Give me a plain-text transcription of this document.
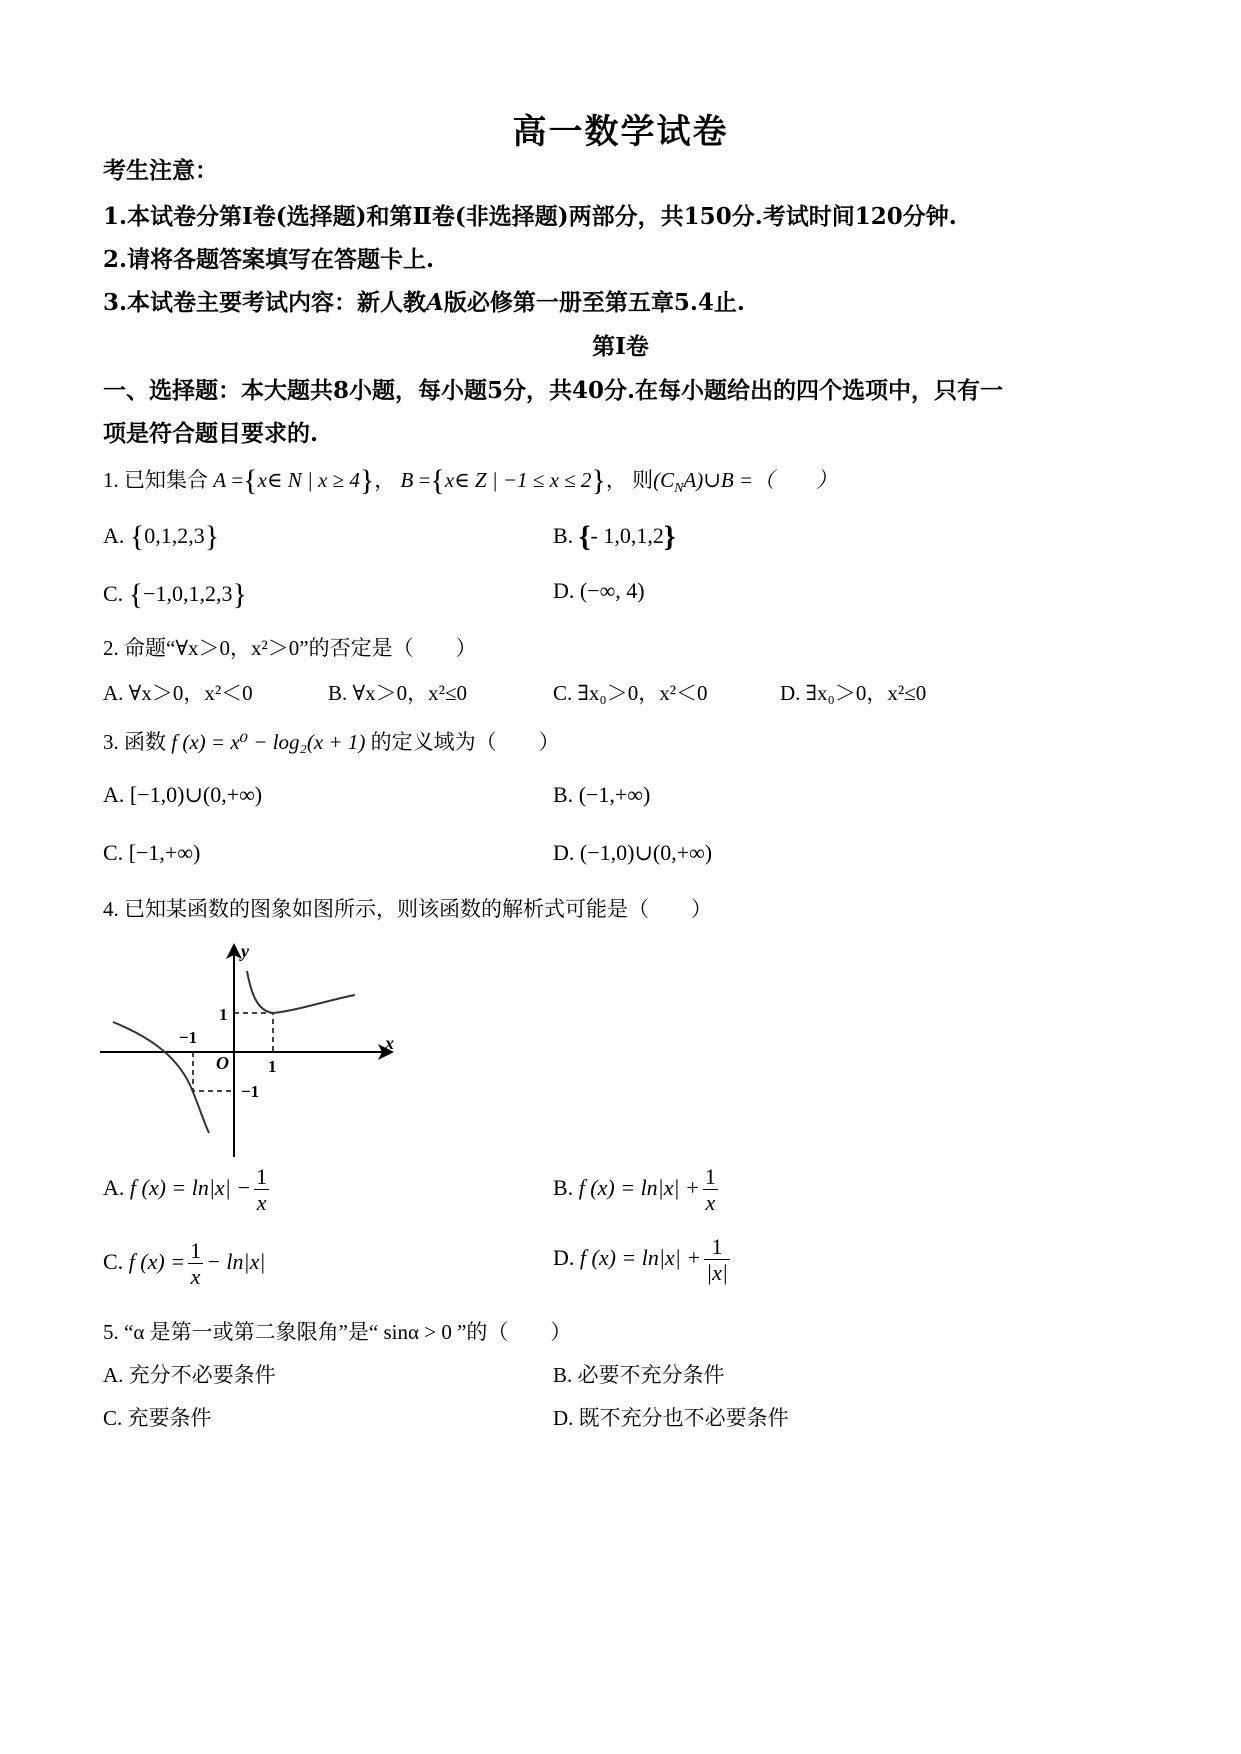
高一数学试卷
考生注意：
1.本试卷分第Ⅰ卷(选择题)和第Ⅱ卷(非选择题)两部分，共150分.考试时间120分钟.
2.请将各题答案填写在答题卡上.
3.本试卷主要考试内容：新人教A版必修第一册至第五章5.4止.
第Ⅰ卷
一、选择题：本大题共8小题，每小题5分，共40分.在每小题给出的四个选项中，只有一
项是符合题目要求的.
1. 已知集合 A ={x∈ N | x ≥ 4}， B ={x∈ Z | −1 ≤ x ≤ 2}， 则$(C_NA)\cup B$ =（　　）
A. {0,1,2,3}	B. {- 1,0,1,2}
C. {−1,0,1,2,3}	D. (−∞, 4)
2. 命题“∀x＞0，x²＞0”的否定是（　　）
A. ∀x＞0，x²＜0	B. ∀x＞0，x²≤0	C. ∃x₀＞0，x²＜0	D. ∃x₀＞0，x²≤0
3. 函数 f (x) = x⁰ − log₂(x + 1) 的定义域为（　　）
A. [−1,0)∪(0,+∞)	B. (−1,+∞)
C. [−1,+∞)	D. (−1,0)∪(0,+∞)
4. 已知某函数的图象如图所示，则该函数的解析式可能是（　　）
y
x
O
1
−1
1
−1
A. f $(x) = \ln|x| - \frac{1}{x}$	B. f $(x) = \ln|x| + \frac{1}{x}$
C. f $(x) = \frac{1}{x} - \ln|x|$	D. f $(x) = \ln|x| + \frac{1}{|x|}$
5. “α 是第一或第二象限角”是“ sinα > 0 ”的（　　）
A. 充分不必要条件	B. 必要不充分条件
C. 充要条件	D. 既不充分也不必要条件
